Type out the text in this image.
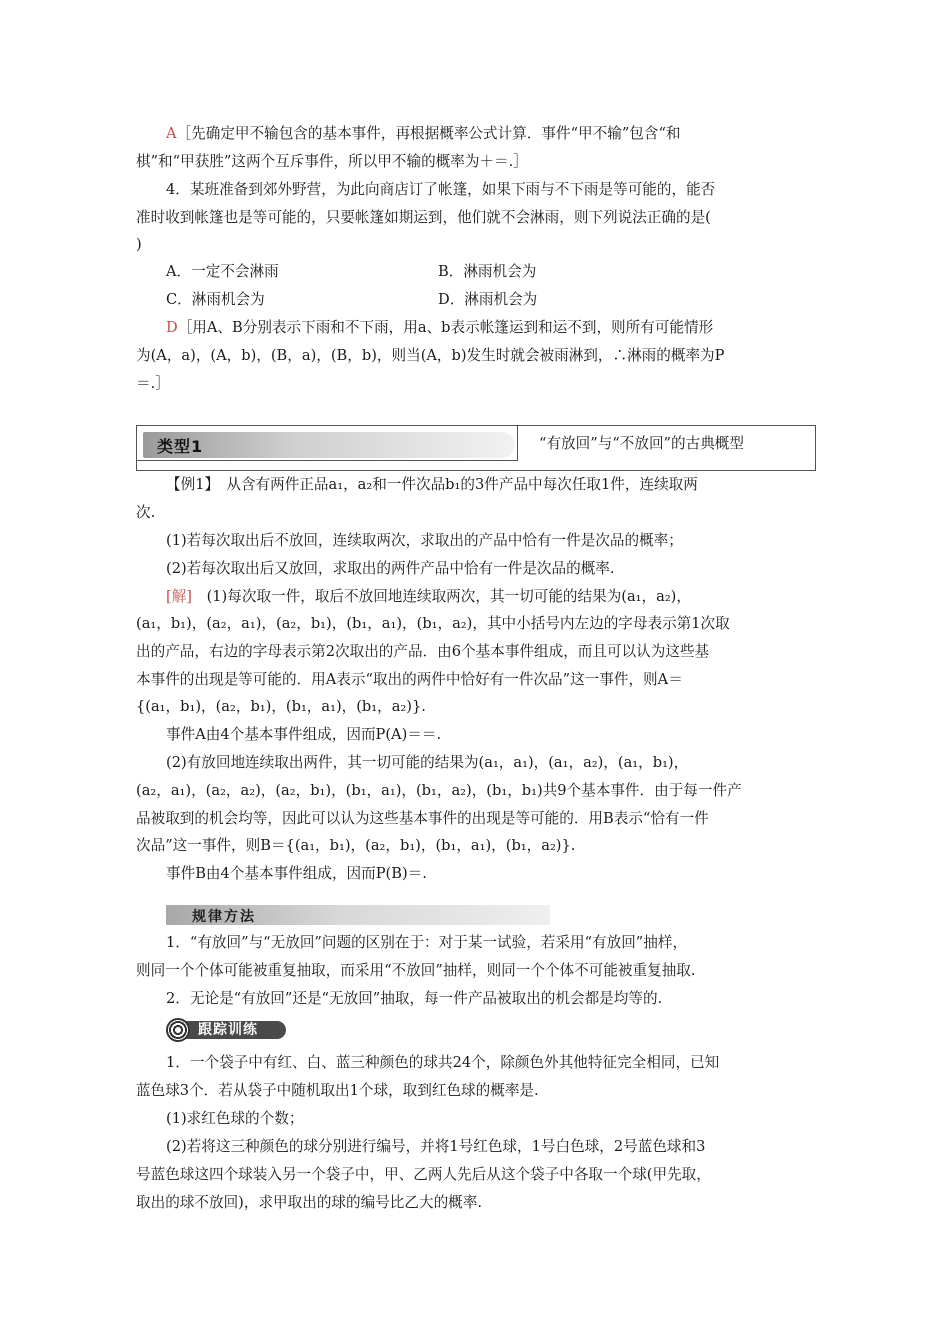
A［先确定甲不输包含的基本事件，再根据概率公式计算．事件“甲不输”包含“和
棋”和“甲获胜”这两个互斥事件，所以甲不输的概率为＋＝.］
4．某班准备到郊外野营，为此向商店订了帐篷，如果下雨与不下雨是等可能的，能否
准时收到帐篷也是等可能的，只要帐篷如期运到，他们就不会淋雨，则下列说法正确的是(
)
A．一定不会淋雨	B．淋雨机会为
C．淋雨机会为	D．淋雨机会为
D［用A、B分别表示下雨和不下雨，用a、b表示帐篷运到和运不到，则所有可能情形
为(A，a)，(A，b)，(B，a)，(B，b)，则当(A，b)发生时就会被雨淋到，∴淋雨的概率为P
＝.］
类型1	“有放回”与“不放回”的古典概型
【例1】　从含有两件正品a₁，a₂和一件次品b₁的3件产品中每次任取1件，连续取两
次.
(1)若每次取出后不放回，连续取两次，求取出的产品中恰有一件是次品的概率；
(2)若每次取出后又放回，求取出的两件产品中恰有一件是次品的概率.
[解]　(1)每次取一件，取后不放回地连续取两次，其一切可能的结果为(a₁，a₂)，
(a₁，b₁)，(a₂，a₁)，(a₂，b₁)，(b₁，a₁)，(b₁，a₂)，其中小括号内左边的字母表示第1次取
出的产品，右边的字母表示第2次取出的产品．由6个基本事件组成，而且可以认为这些基
本事件的出现是等可能的．用A表示“取出的两件中恰好有一件次品”这一事件，则A＝
{(a₁，b₁)，(a₂，b₁)，(b₁，a₁)，(b₁，a₂)}.
事件A由4个基本事件组成，因而P(A)＝＝.
(2)有放回地连续取出两件，其一切可能的结果为(a₁，a₁)，(a₁，a₂)，(a₁，b₁)，
(a₂，a₁)，(a₂，a₂)，(a₂，b₁)，(b₁，a₁)，(b₁，a₂)，(b₁，b₁)共9个基本事件．由于每一件产
品被取到的机会均等，因此可以认为这些基本事件的出现是等可能的．用B表示“恰有一件
次品”这一事件，则B＝{(a₁，b₁)，(a₂，b₁)，(b₁，a₁)，(b₁，a₂)}.
事件B由4个基本事件组成，因而P(B)＝.
规律方法
1．“有放回”与“无放回”问题的区别在于：对于某一试验，若采用“有放回”抽样，
则同一个个体可能被重复抽取，而采用“不放回”抽样，则同一个个体不可能被重复抽取.
2．无论是“有放回”还是“无放回”抽取，每一件产品被取出的机会都是均等的.
跟踪训练
1．一个袋子中有红、白、蓝三种颜色的球共24个，除颜色外其他特征完全相同，已知
蓝色球3个．若从袋子中随机取出1个球，取到红色球的概率是.
(1)求红色球的个数；
(2)若将这三种颜色的球分别进行编号，并将1号红色球，1号白色球，2号蓝色球和3
号蓝色球这四个球装入另一个袋子中，甲、乙两人先后从这个袋子中各取一个球(甲先取，
取出的球不放回)，求甲取出的球的编号比乙大的概率.
